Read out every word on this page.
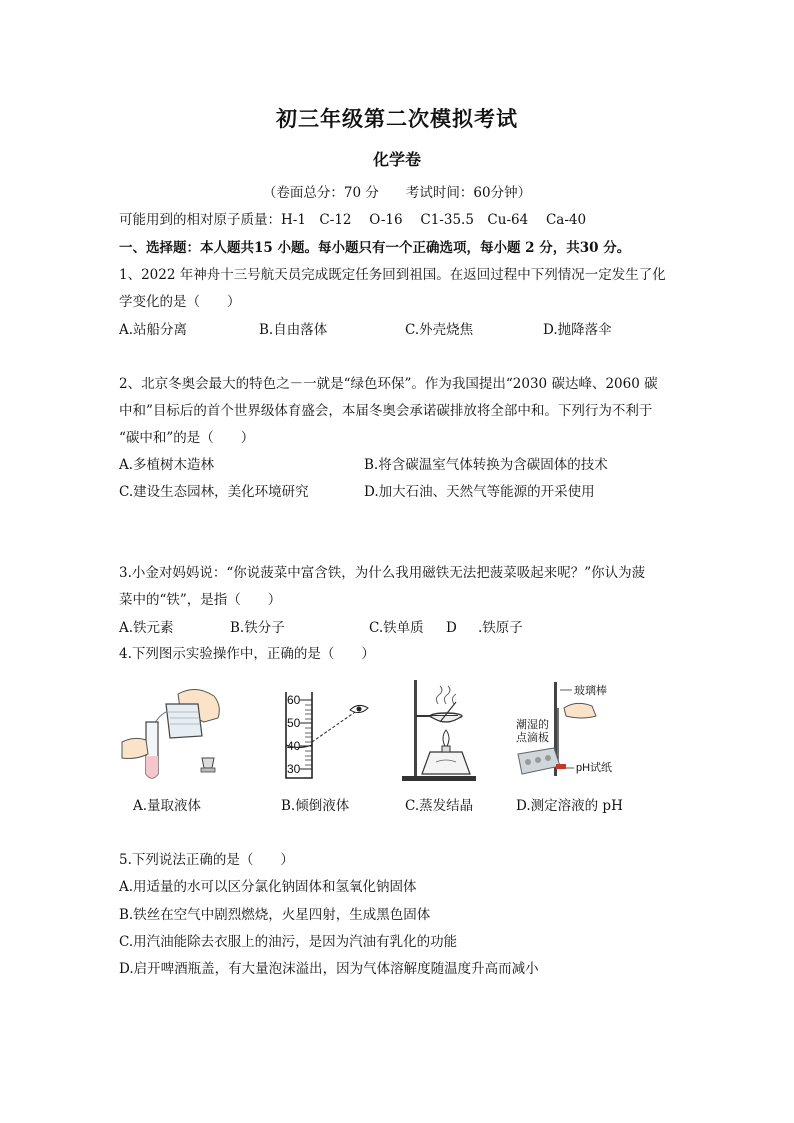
初三年级第二次模拟考试
化学卷
（卷面总分：70 分　　考试时间：60分钟）
可能用到的相对原子质量：H-1　C-12　 O-16　 C1-35.5　Cu-64　 Ca-40
一、选择题：本人题共15 小题。每小题只有一个正确选项，每小题 2 分，共30 分。
1、2022 年神舟十三号航天员完成既定任务回到祖国。在返回过程中下列情况一定发生了化
学变化的是（　　）
A.站船分离	B.自由落体	C.外壳烧焦	D.抛降落伞
2、北京冬奥会最大的特色之－一就是“绿色环保”。作为我国提出“2030 碳达峰、2060 碳
中和”目标后的首个世界级体育盛会，本届冬奥会承诺碳排放将全部中和。下列行为不利于
“碳中和”的是（　　）
A.多植树木造林	B.将含碳温室气体转换为含碳固体的技术
C.建设生态园林，美化环境研究	D.加大石油、天然气等能源的开采使用
3.小金对妈妈说：“你说菠菜中富含铁，为什么我用磁铁无法把菠菜吸起来呢？”你认为菠
菜中的“铁”，是指（　　）
A.铁元素	B.铁分子	C.铁单质 D .铁原子
4.下列图示实验操作中，正确的是（　　）
60
50
40
30
玻璃棒
潮湿的
点滴板
pH试纸
A.量取液体	B.倾倒液体	C.蒸发结晶	D.测定溶液的 pH
5.下列说法正确的是（　　）
A.用适量的水可以区分氯化钠固体和氢氧化钠固体
B.铁丝在空气中剧烈燃烧，火星四射，生成黑色固体
C.用汽油能除去衣服上的油污，是因为汽油有乳化的功能
D.启开啤酒瓶盖，有大量泡沫溢出，因为气体溶解度随温度升高而减小
